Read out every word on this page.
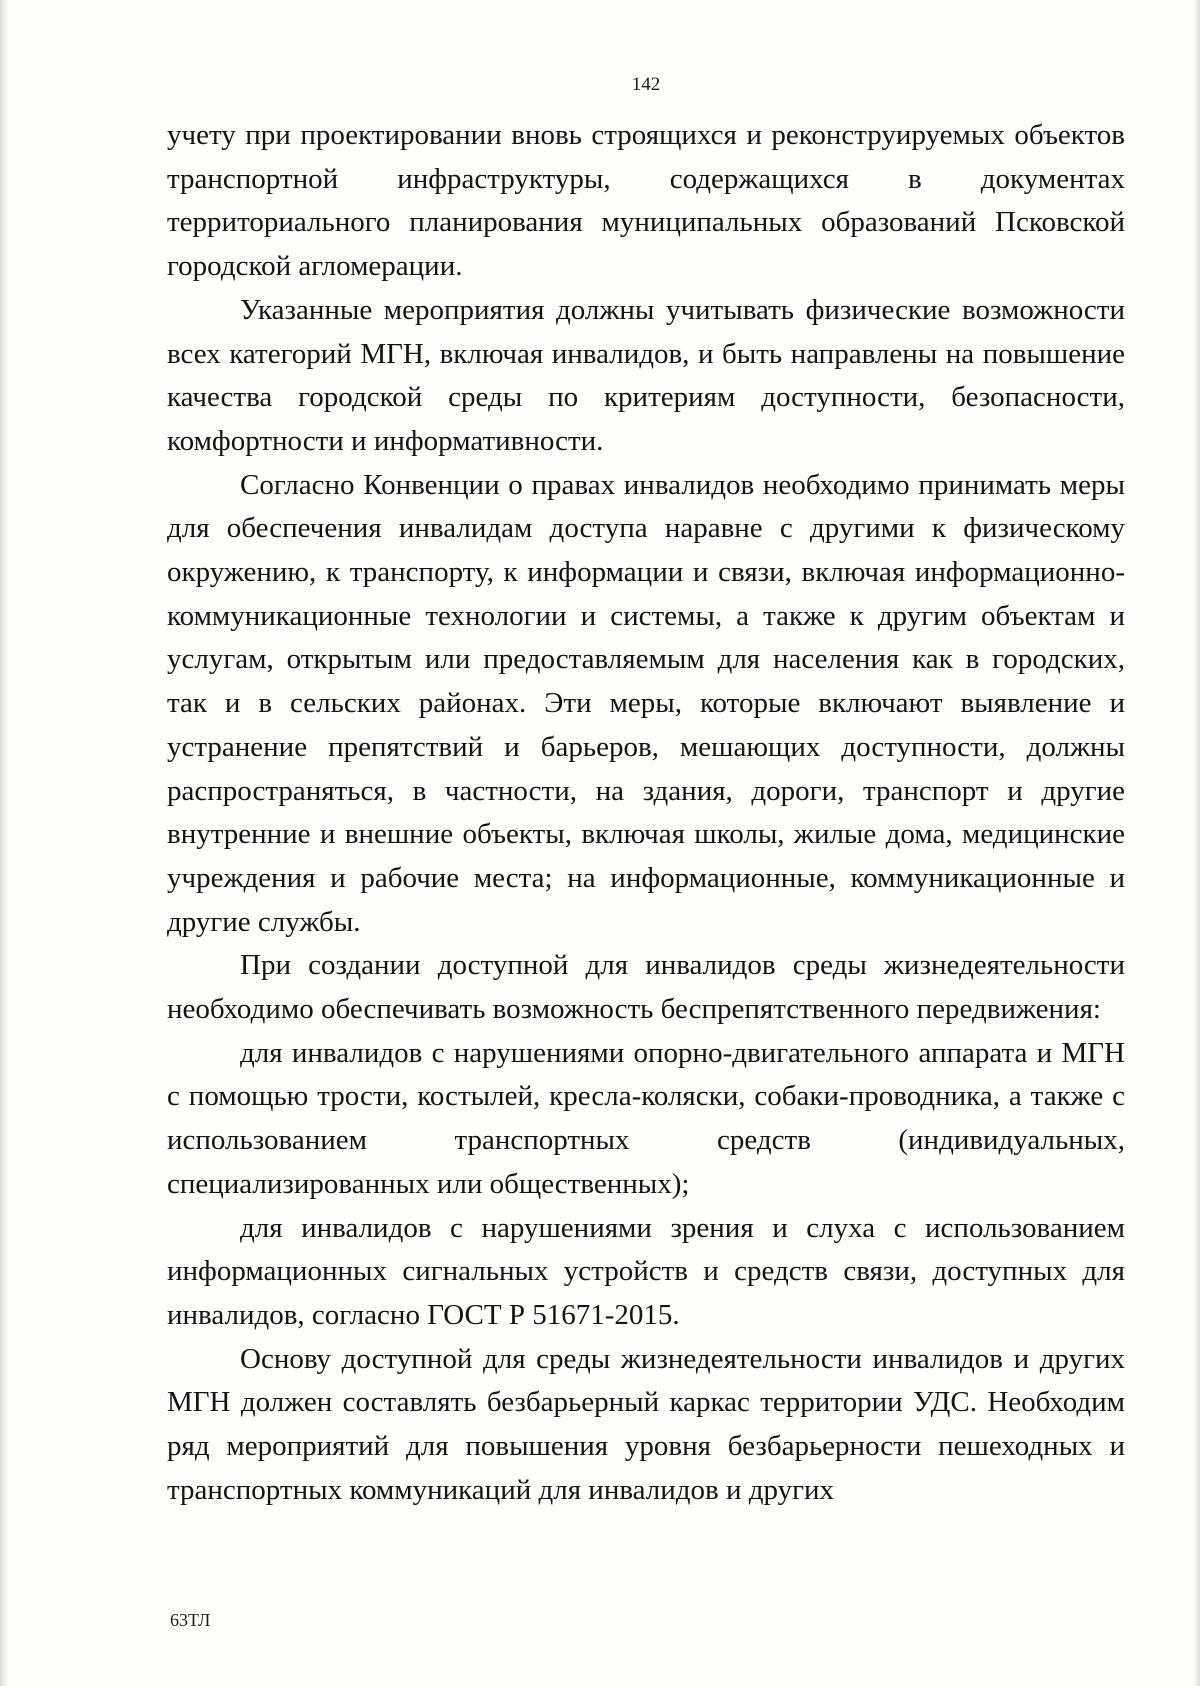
142

учету при проектировании вновь строящихся и реконструируемых объектов транспортной инфраструктуры, содержащихся в документах территориального планирования муниципальных образований Псковской городской агломерации.

Указанные мероприятия должны учитывать физические возможности всех категорий МГН, включая инвалидов, и быть направлены на повышение качества городской среды по критериям доступности, безопасности, комфортности и информативности.

Согласно Конвенции о правах инвалидов необходимо принимать меры для обеспечения инвалидам доступа наравне с другими к физическому окружению, к транспорту, к информации и связи, включая информационно-коммуникационные технологии и системы, а также к другим объектам и услугам, открытым или предоставляемым для населения как в городских, так и в сельских районах. Эти меры, которые включают выявление и устранение препятствий и барьеров, мешающих доступности, должны распространяться, в частности, на здания, дороги, транспорт и другие внутренние и внешние объекты, включая школы, жилые дома, медицинские учреждения и рабочие места; на информационные, коммуникационные и другие службы.

При создании доступной для инвалидов среды жизнедеятельности необходимо обеспечивать возможность беспрепятственного передвижения:

для инвалидов с нарушениями опорно-двигательного аппарата и МГН с помощью трости, костылей, кресла-коляски, собаки-проводника, а также с использованием транспортных средств (индивидуальных, специализированных или общественных);

для инвалидов с нарушениями зрения и слуха с использованием информационных сигнальных устройств и средств связи, доступных для инвалидов, согласно ГОСТ Р 51671-2015.

Основу доступной для среды жизнедеятельности инвалидов и других МГН должен составлять безбарьерный каркас территории УДС. Необходим ряд мероприятий для повышения уровня безбарьерности пешеходных и транспортных коммуникаций для инвалидов и других

63ТЛ
